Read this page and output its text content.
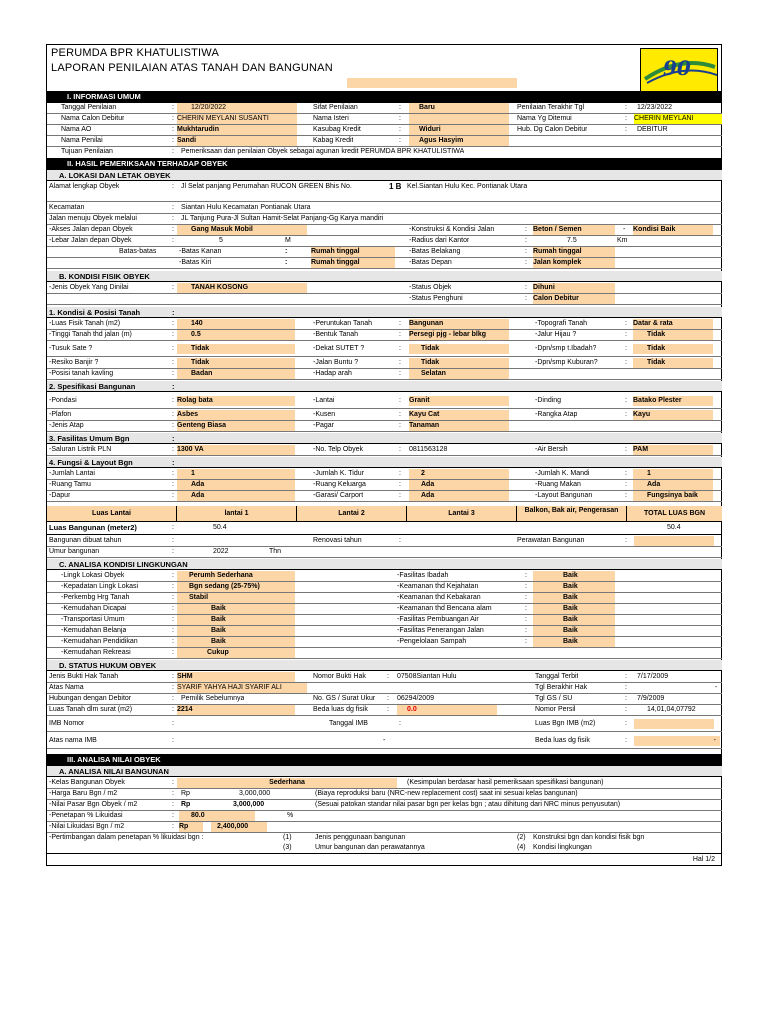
PERUMDA BPR KHATULISTIWA
LAPORAN PENILAIAN ATAS TANAH DAN BANGUNAN	90
I. INFORMASI UMUM
Tanggal Penilaian	:	12/20/2022	Sifat Penilaian	:	Baru	Penilaian Terakhir Tgl	: 12/23/2022
Nama Calon Debitur	: CHERIN MEYLANI SUSANTI	Nama Isteri	:	Nama Yg Ditemui	: CHERIN MEYLANI
Nama AO	: Mukhtarudin	Kasubag Kredit	:	Widuri	Hub. Dg Calon Debitur	: DEBITUR
Nama Penilai	: Sandi	Kabag Kredit	:	Agus Hasyim
Tujuan Penilaian	: Pemeriksaan dan penilaian Obyek sebagai agunan kredit PERUMDA BPR KHATULISTIWA
II. HASIL PEMERIKSAAN TERHADAP OBYEK
A. LOKASI DAN LETAK OBYEK
Alamat lengkap Obyek	: Jl Selat panjang Perumahan RUCON GREEN Bhis No.	1 B Kel.Siantan Hulu Kec. Pontianak Utara
Kecamatan	: Siantan Hulu Kecamatan Pontianak Utara
Jalan menuju Obyek melalui	: JL Tanjung Pura-Jl Sultan Hamit-Selat Panjang-Gg Karya mandiri
-Akses Jalan depan Obyek	:	Gang Masuk Mobil	-Konstruksi & Kondisi Jalan	: Beton / Semen	- Kondisi Baik
-Lebar Jalan depan Obyek	:	5	M	-Radius dari Kantor	:	7.5	Km
Batas-batas	-Batas Kanan	:	Rumah tinggal	-Batas Belakang	: Rumah tinggal
-Batas Kiri	:	Rumah tinggal	-Batas Depan	: Jalan komplek
B. KONDISI FISIK OBYEK
-Jenis Obyek Yang Dinilai	:	TANAH KOSONG	-Status Objek	: Dihuni
-Status Penghuni	: Calon Debitur
1. Kondisi & Posisi Tanah	:
-Luas Fisik Tanah (m2)	:	140	-Peruntukan Tanah	: Bangunan	-Topografi Tanah	: Datar & rata
-Tinggi Tanah thd jalan (m)	:	0.5	-Bentuk Tanah	: Persegi pjg - lebar blkg	-Jalur Hijau ?	:	Tidak
-Tusuk Sate ?	:	Tidak	-Dekat SUTET ?	:	Tidak	-Dpn/smp t.Ibadah?	:	Tidak
-Resiko Banjir ?	:	Tidak	-Jalan Buntu ?	:	Tidak	-Dpn/smp Kuburan?	:	Tidak
-Posisi tanah kavling	:	Badan	-Hadap arah	:	Selatan
2. Spesifikasi Bangunan	:
-Pondasi	: Rolag bata	-Lantai	: Granit	-Dinding	: Batako Plester
-Plafon	: Asbes	-Kusen	: Kayu Cat	-Rangka Atap	: Kayu
-Jenis Atap	: Genteng Biasa	-Pagar	: Tanaman
3. Fasilitas Umum Bgn	:
-Saluran Listrik PLN	: 1300 VA	-No. Telp Obyek	: 0811563128	-Air Bersih	: PAM
4. Fungsi & Layout Bgn	:
-Jumlah Lantai	:	1	-Jumlah K. Tidur	:	2	-Jumlah K. Mandi	:	1
-Ruang Tamu	:	Ada	-Ruang Keluarga	:	Ada	-Ruang Makan	:	Ada
-Dapur	:	Ada	-Garasi/ Carport	:	Ada	-Layout Bangunan	:	Fungsinya baik
Luas Lantai	lantai 1	Lantai 2	Lantai 3	Balkon, Bak air, Pengerasan	TOTAL LUAS BGN
Luas Bangunan (meter2)	:	50.4	50.4
Bangunan dibuat tahun	:	Renovasi tahun	:	Perawatan Bangunan	:
Umur bangunan	:	2022	Thn
C. ANALISA KONDISI LINGKUNGAN
-Lingk Lokasi Obyek	:	Perumh Sederhana	-Fasilitas Ibadah	:	Baik
-Kepadatan Lingk Lokasi	:	Bgn sedang (25-75%)	-Keamanan thd Kejahatan	:	Baik
-Perkembg Hrg Tanah	:	Stabil	-Keamanan thd Kebakaran	:	Baik
-Kemudahan Dicapai	:	Baik	-Keamanan thd Bencana alam	:	Baik
-Transportasi Umum	:	Baik	-Fasilitas Pembuangan Air	:	Baik
-Kemudahan Belanja	:	Baik	-Fasilitas Penerangan Jalan	:	Baik
-Kemudahan Pendidikan	:	Baik	-Pengelolaan Sampah	:	Baik
-Kemudahan Rekreasi	:	Cukup
D. STATUS HUKUM OBYEK
Jenis Bukti Hak Tanah	: SHM	Nomor Bukti Hak	: 07508Siantan Hulu	Tanggal Terbit	: 7/17/2009
Atas Nama	: SYARIF YAHYA HAJI SYARIF ALI	Tgl Berakhir Hak	:	-
Hubungan dengan Debitor	: Pemilik Sebelumnya	No. GS / Surat Ukur : 06294/2009	Tgl GS / SU	: 7/9/2009
Luas Tanah dlm surat (m2)	: 2214	Beda luas dg fisik	:	0.0	Nomor Persil	:	14,01,04,07792
IMB Nomor	:	Tanggal IMB	:	Luas Bgn IMB (m2)	:
Atas nama IMB	:	-	Beda luas dg fisik	:	-
III. ANALISA NILAI OBYEK
A. ANALISA NILAI BANGUNAN
-Kelas Bangunan Obyek	:	Sederhana	(Kesimpulan berdasar hasil pemeriksaan spesifikasi bangunan)
-Harga Baru Bgn / m2	: Rp	3,000,000	(Biaya reproduksi baru (NRC-new replacement cost) saat ini sesuai kelas bangunan)
-Nilai Pasar Bgn Obyek / m2	: Rp	3,000,000	(Sesuai patokan standar nilai pasar bgn per kelas bgn ; atau dihitung dari NRC minus penyusutan)
-Penetapan % Likuidasi	:	80.0	%
-Nilai Likuidasi Bgn / m2	: Rp	2,400,000
-Pertimbangan dalam penetapan % likuidasi bgn :	(1)	Jenis penggunaan bangunan	(2) Konstruksi bgn dan kondisi fisik bgn
(3)	Umur bangunan dan perawatannya	(4) Kondisi lingkungan
Hal 1/2
